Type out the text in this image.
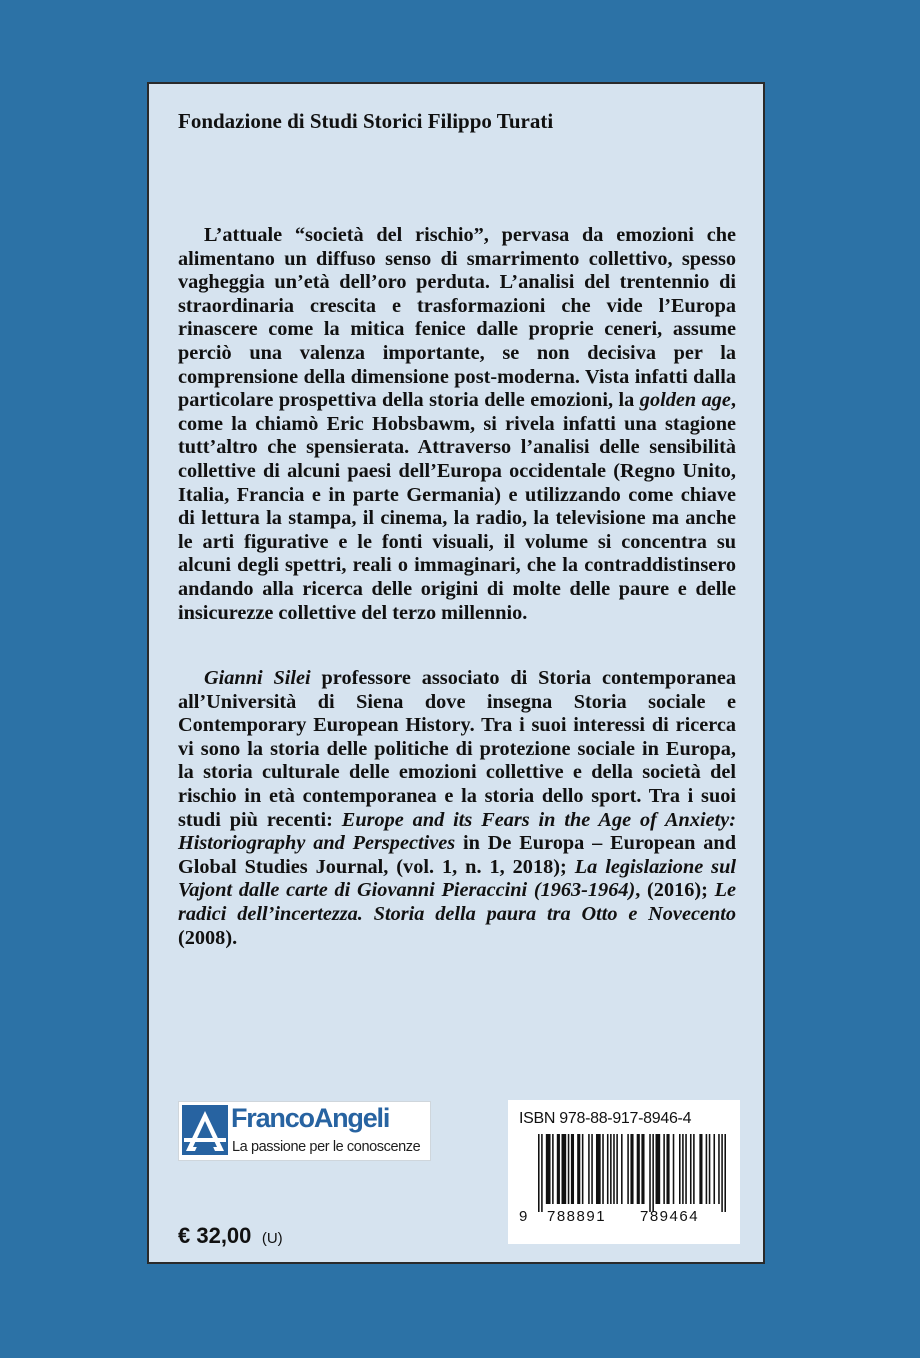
Fondazione di Studi Storici Filippo Turati

L’attuale “società del rischio”, pervasa da emozioni che alimentano un diffuso senso di smarrimento collettivo, spesso vagheggia un’età dell’oro perduta. L’analisi del trentennio di straordinaria crescita e trasformazioni che vide l’Europa rinascere come la mitica fenice dalle proprie ceneri, assume perciò una valenza importante, se non decisiva per la comprensione della dimensione post-moderna. Vista infatti dalla particolare prospettiva della storia delle emozioni, la golden age, come la chiamò Eric Hobsbawm, si rivela infatti una stagione tutt’altro che spensierata. Attraverso l’analisi delle sensibilità collettive di alcuni paesi dell’Europa occidentale (Regno Unito, Italia, Francia e in parte Germania) e utilizzando come chiave di lettura la stampa, il cinema, la radio, la televisione ma anche le arti figurative e le fonti visuali, il volume si concentra su alcuni degli spettri, reali o immaginari, che la contraddistinsero andando alla ricerca delle origini di molte delle paure e delle insicurezze collettive del terzo millennio.

Gianni Silei professore associato di Storia contemporanea all’Università di Siena dove insegna Storia sociale e Contemporary European History. Tra i suoi interessi di ricerca vi sono la storia delle politiche di protezione sociale in Europa, la storia culturale delle emozioni collettive e della società del rischio in età contemporanea e la storia dello sport. Tra i suoi studi più recenti: Europe and its Fears in the Age of Anxiety: Historiography and Perspectives in De Europa – European and Global Studies Journal, (vol. 1, n. 1, 2018); La legislazione sul Vajont dalle carte di Giovanni Pieraccini (1963-1964), (2016); Le radici dell’incertezza. Storia della paura tra Otto e Novecento (2008).

FrancoAngeli
La passione per le conoscenze
€ 32,00 (U)
ISBN 978-88-917-8946-4
9 788891 789464
